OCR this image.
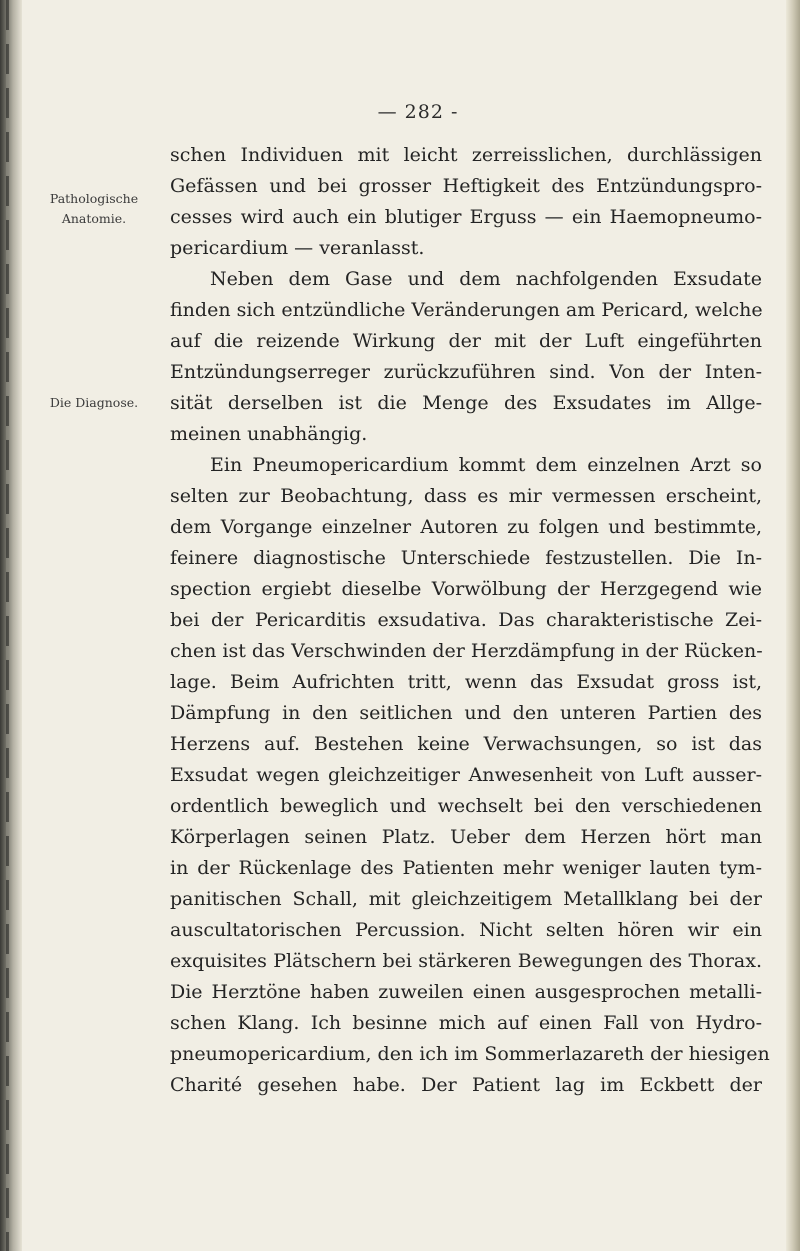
— 282 -
Pathologische Anatomie.
Die Diagnose.
schen Individuen mit leicht zerreisslichen, durchlässigen
Gefässen und bei grosser Heftigkeit des Entzündungspro-
cesses wird auch ein blutiger Erguss — ein Haemopneumo-
pericardium — veranlasst.
Neben dem Gase und dem nachfolgenden Exsudate
finden sich entzündliche Veränderungen am Pericard, welche
auf die reizende Wirkung der mit der Luft eingeführten
Entzündungserreger zurückzuführen sind. Von der Inten-
sität derselben ist die Menge des Exsudates im Allge-
meinen unabhängig.
Ein Pneumopericardium kommt dem einzelnen Arzt so
selten zur Beobachtung, dass es mir vermessen erscheint,
dem Vorgange einzelner Autoren zu folgen und bestimmte,
feinere diagnostische Unterschiede festzustellen. Die In-
spection ergiebt dieselbe Vorwölbung der Herzgegend wie
bei der Pericarditis exsudativa. Das charakteristische Zei-
chen ist das Verschwinden der Herzdämpfung in der Rücken-
lage. Beim Aufrichten tritt, wenn das Exsudat gross ist,
Dämpfung in den seitlichen und den unteren Partien des
Herzens auf. Bestehen keine Verwachsungen, so ist das
Exsudat wegen gleichzeitiger Anwesenheit von Luft ausser-
ordentlich beweglich und wechselt bei den verschiedenen
Körperlagen seinen Platz. Ueber dem Herzen hört man
in der Rückenlage des Patienten mehr weniger lauten tym-
panitischen Schall, mit gleichzeitigem Metallklang bei der
auscultatorischen Percussion. Nicht selten hören wir ein
exquisites Plätschern bei stärkeren Bewegungen des Thorax.
Die Herztöne haben zuweilen einen ausgesprochen metalli-
schen Klang. Ich besinne mich auf einen Fall von Hydro-
pneumopericardium, den ich im Sommerlazareth der hiesigen
Charité gesehen habe. Der Patient lag im Eckbett der
